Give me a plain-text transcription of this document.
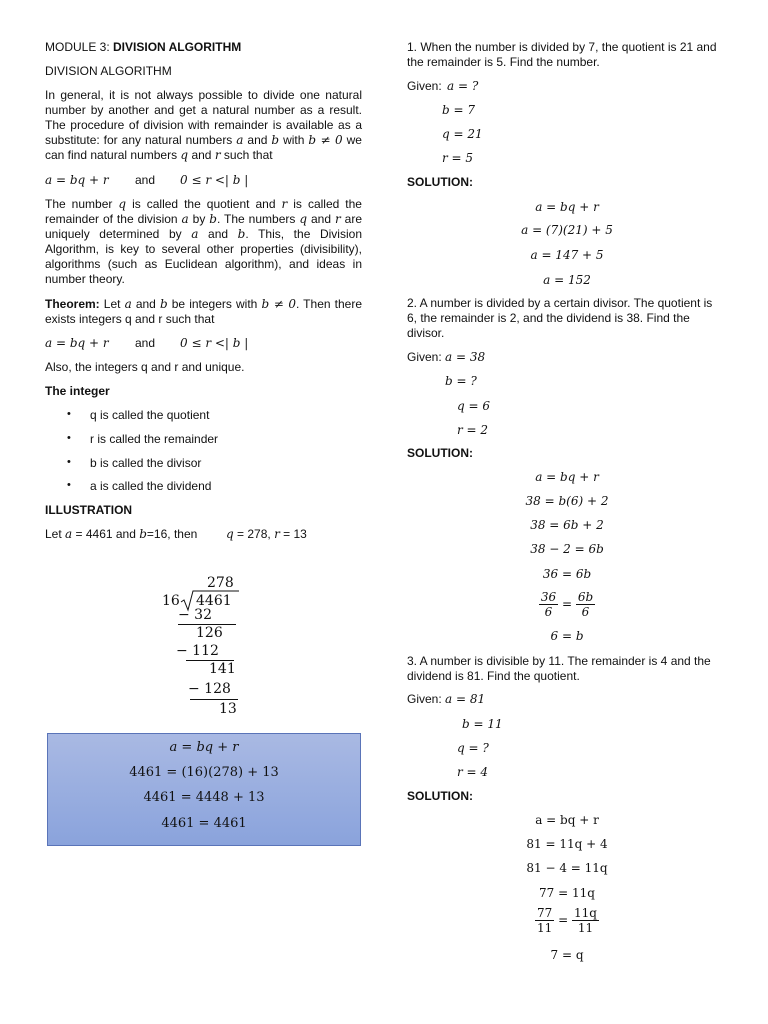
MODULE 3: DIVISION ALGORITHM
DIVISION ALGORITHM
In general, it is not always possible to divide one natural number by another and get a natural number as a result. The procedure of division with remainder is available as a substitute: for any natural numbers a and b with b ≠ 0 we can find natural numbers q and r such that
a = bq + r and 0 ≤ r <| b |
The number q is called the quotient and r is called the remainder of the division a by b. The numbers q and r are uniquely determined by a and b. This, the Division Algorithm, is key to several other properties (divisibility), algorithms (such as Euclidean algorithm), and ideas in number theory.
Theorem: Let a and b be integers with b ≠ 0. Then there exists integers q and r such that
a = bq + r and 0 ≤ r <| b |
Also, the integers q and r and unique.
The integer
• q is called the quotient
• r is called the remainder
• b is called the divisor
• a is called the dividend
ILLUSTRATION
Let a = 4461 and b=16, then q = 278, r = 13
278
16 4461
− 32
126
− 112
141
− 128
13
a = bq + r
4461 = (16)(278) + 13
4461 = 4448 + 13
4461 = 4461
1. When the number is divided by 7, the quotient is 21 and the remainder is 5. Find the number.
Given: a = ?
b = 7
q = 21
r = 5
SOLUTION:
a = bq + r
a = (7)(21) + 5
a = 147 + 5
a = 152
2. A number is divided by a certain divisor. The quotient is 6, the remainder is 2, and the dividend is 38. Find the divisor.
Given: a = 38
b = ?
q = 6
r = 2
SOLUTION:
a = bq + r
38 = b(6) + 2
38 = 6b + 2
38 − 2 = 6b
36 = 6b
$\frac{36}{6} = \frac{6b}{6}$
6 = b
3. A number is divisible by 11. The remainder is 4 and the dividend is 81. Find the quotient.
Given: a = 81
b = 11
q = ?
r = 4
SOLUTION:
a = bq + r
81 = 11q + 4
81 − 4 = 11q
77 = 11q
$\frac{77}{11} = \frac{11q}{11}$
7 = q
